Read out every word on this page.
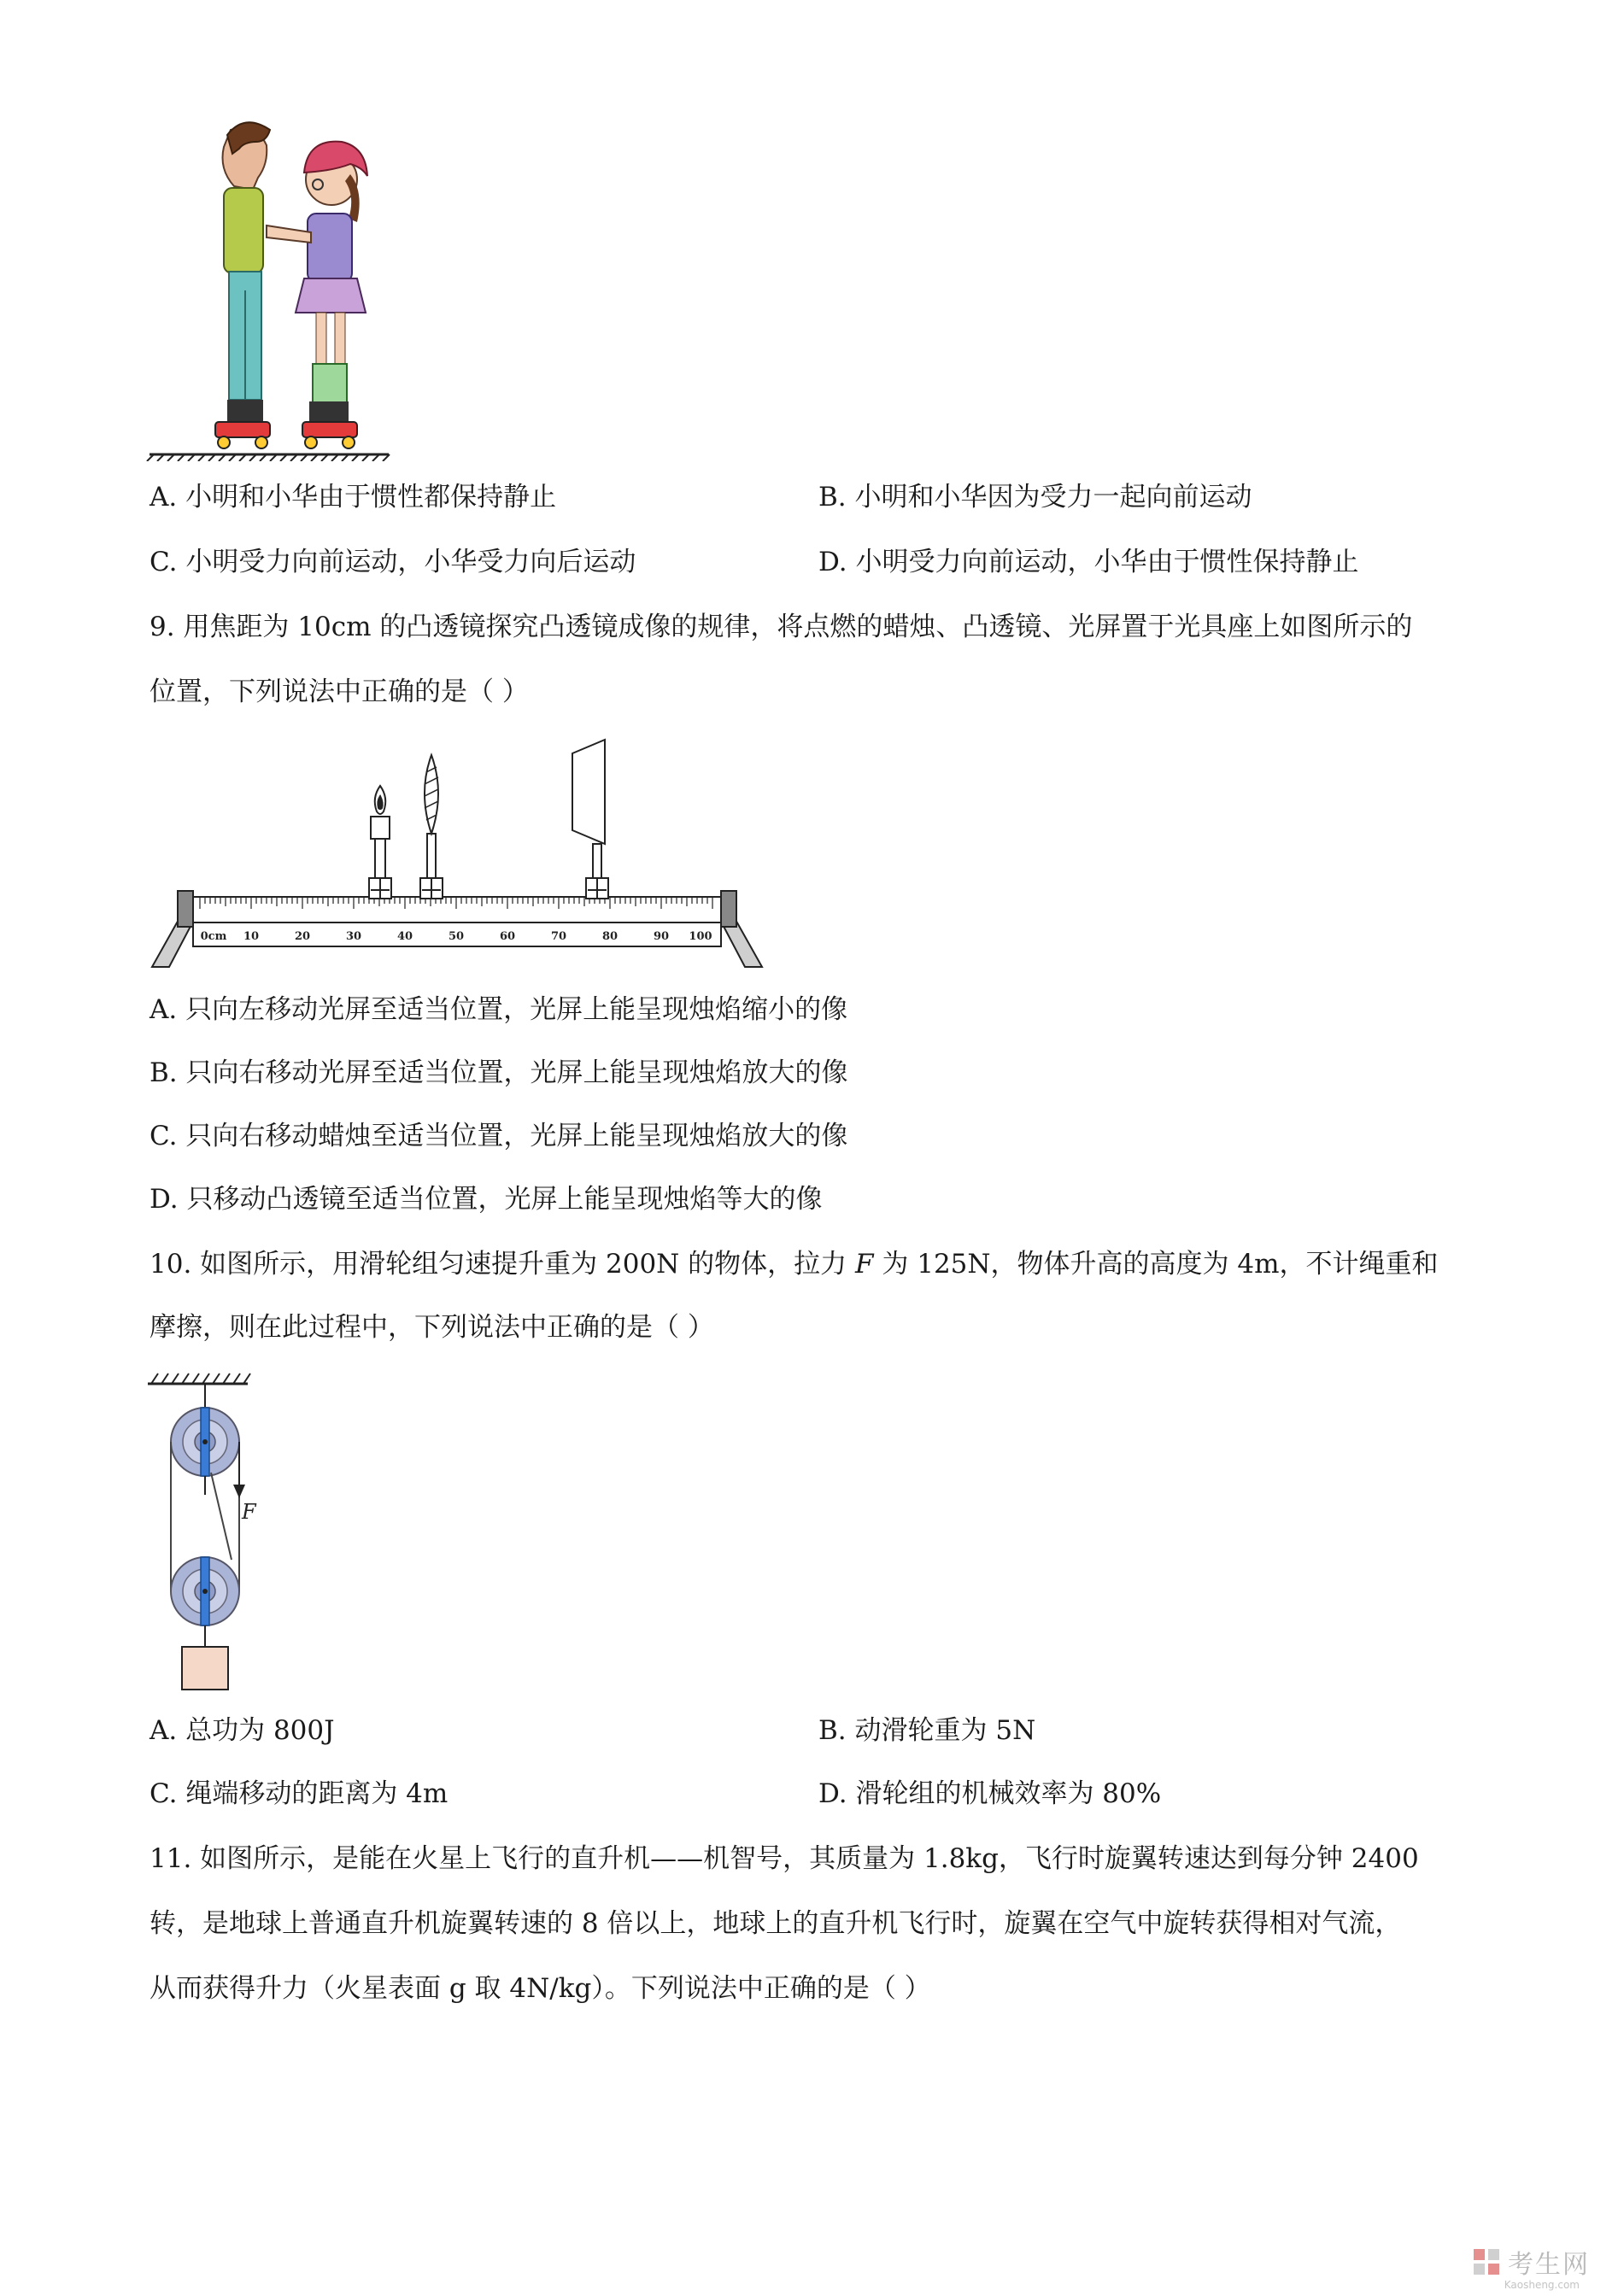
A. 小明和小华由于惯性都保持静止	B. 小明和小华因为受力一起向前运动
C. 小明受力向前运动，小华受力向后运动	D. 小明受力向前运动，小华由于惯性保持静止
9. 用焦距为 10cm 的凸透镜探究凸透镜成像的规律，将点燃的蜡烛、凸透镜、光屏置于光具座上如图所示的
位置，下列说法中正确的是（ ）
0cm 10	20	30	40	50	60	70	80	90 100
A. 只向左移动光屏至适当位置，光屏上能呈现烛焰缩小的像
B. 只向右移动光屏至适当位置，光屏上能呈现烛焰放大的像
C. 只向右移动蜡烛至适当位置，光屏上能呈现烛焰放大的像
D. 只移动凸透镜至适当位置，光屏上能呈现烛焰等大的像
10. 如图所示，用滑轮组匀速提升重为 200N 的物体，拉力 F 为 125N，物体升高的高度为 4m，不计绳重和
摩擦，则在此过程中，下列说法中正确的是（ ）
F
A. 总功为 800J	B. 动滑轮重为 5N
C. 绳端移动的距离为 4m	D. 滑轮组的机械效率为 80%
11. 如图所示，是能在火星上飞行的直升机——机智号，其质量为 1.8kg，飞行时旋翼转速达到每分钟 2400
转，是地球上普通直升机旋翼转速的 8 倍以上，地球上的直升机飞行时，旋翼在空气中旋转获得相对气流，
从而获得升力（火星表面 g 取 4N/kg）。下列说法中正确的是（ ）
考生网
Kaosheng.com
